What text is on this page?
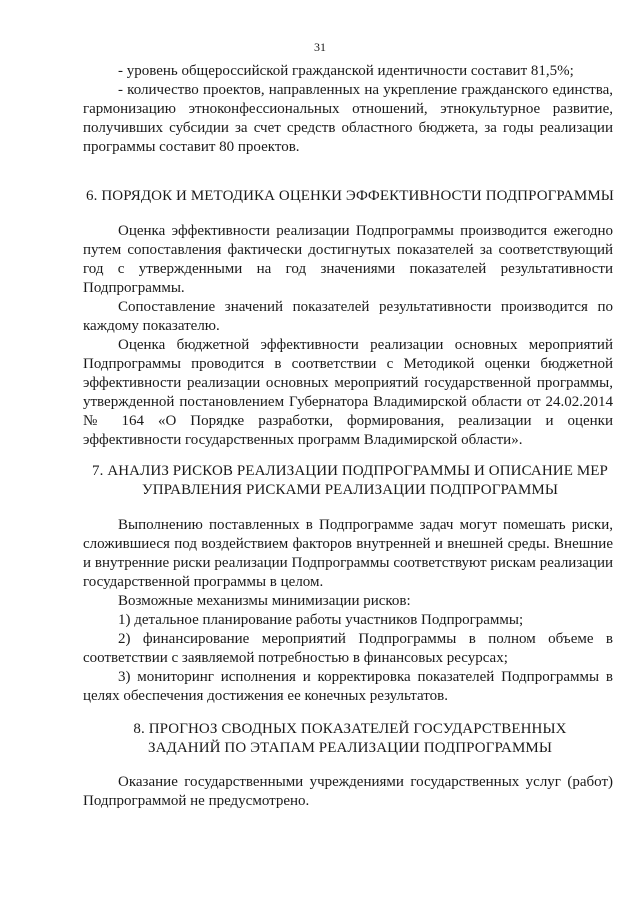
31

- уровень общероссийской гражданской идентичности составит 81,5%;

- количество проектов, направленных на укрепление гражданского единства, гармонизацию этноконфессиональных отношений, этнокультурное развитие, получивших субсидии за счет средств областного бюджета, за годы реализации программы составит 80 проектов.

6. ПОРЯДОК И МЕТОДИКА ОЦЕНКИ ЭФФЕКТИВНОСТИ ПОДПРОГРАММЫ

Оценка эффективности реализации Подпрограммы производится ежегодно путем сопоставления фактически достигнутых показателей за соответствующий год с утвержденными на год значениями показателей результативности Подпрограммы.

Сопоставление значений показателей результативности производится по каждому показателю.

Оценка бюджетной эффективности реализации основных мероприятий Подпрограммы проводится в соответствии с Методикой оценки бюджетной эффективности реализации основных мероприятий государственной программы, утвержденной постановлением Губернатора Владимирской области от 24.02.2014 № 164 «О Порядке разработки, формирования, реализации и оценки эффективности государственных программ Владимирской области».

7. АНАЛИЗ РИСКОВ РЕАЛИЗАЦИИ ПОДПРОГРАММЫ И ОПИСАНИЕ МЕР
УПРАВЛЕНИЯ РИСКАМИ РЕАЛИЗАЦИИ ПОДПРОГРАММЫ

Выполнению поставленных в Подпрограмме задач могут помешать риски, сложившиеся под воздействием факторов внутренней и внешней среды. Внешние и внутренние риски реализации Подпрограммы соответствуют рискам реализации государственной программы в целом.

Возможные механизмы минимизации рисков:

1) детальное планирование работы участников Подпрограммы;

2) финансирование мероприятий Подпрограммы в полном объеме в соответствии с заявляемой потребностью в финансовых ресурсах;

3) мониторинг исполнения и корректировка показателей Подпрограммы в целях обеспечения достижения ее конечных результатов.

8. ПРОГНОЗ СВОДНЫХ ПОКАЗАТЕЛЕЙ ГОСУДАРСТВЕННЫХ
ЗАДАНИЙ ПО ЭТАПАМ РЕАЛИЗАЦИИ ПОДПРОГРАММЫ

Оказание государственными учреждениями государственных услуг (работ) Подпрограммой не предусмотрено.
